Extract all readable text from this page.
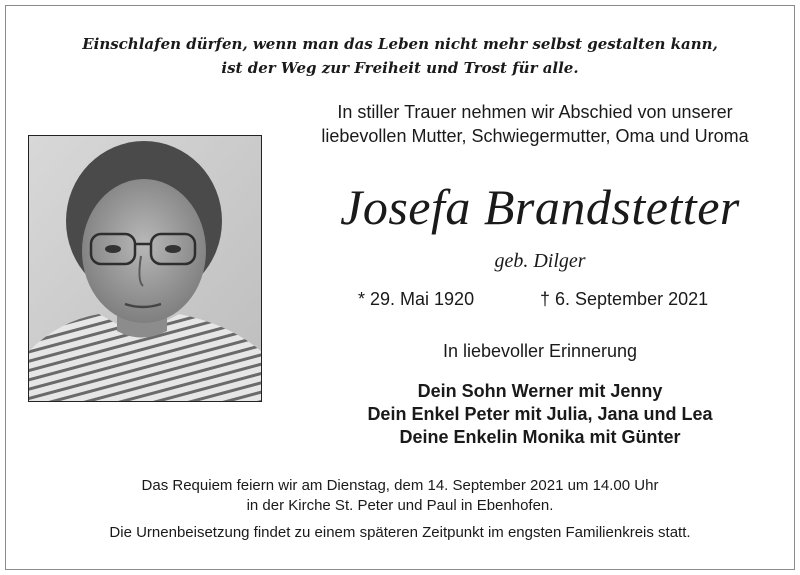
Einschlafen dürfen, wenn man das Leben nicht mehr selbst gestalten kann,
ist der Weg zur Freiheit und Trost für alle.
In stiller Trauer nehmen wir Abschied von unserer
liebevollen Mutter, Schwiegermutter, Oma und Uroma
Josefa Brandstetter
geb. Dilger
* 29. Mai 1920	† 6. September 2021
In liebevoller Erinnerung
Dein Sohn Werner mit Jenny
Dein Enkel Peter mit Julia, Jana und Lea
Deine Enkelin Monika mit Günter
Das Requiem feiern wir am Dienstag, dem 14. September 2021 um 14.00 Uhr
in der Kirche St. Peter und Paul in Ebenhofen.
Die Urnenbeisetzung findet zu einem späteren Zeitpunkt im engsten Familienkreis statt.
